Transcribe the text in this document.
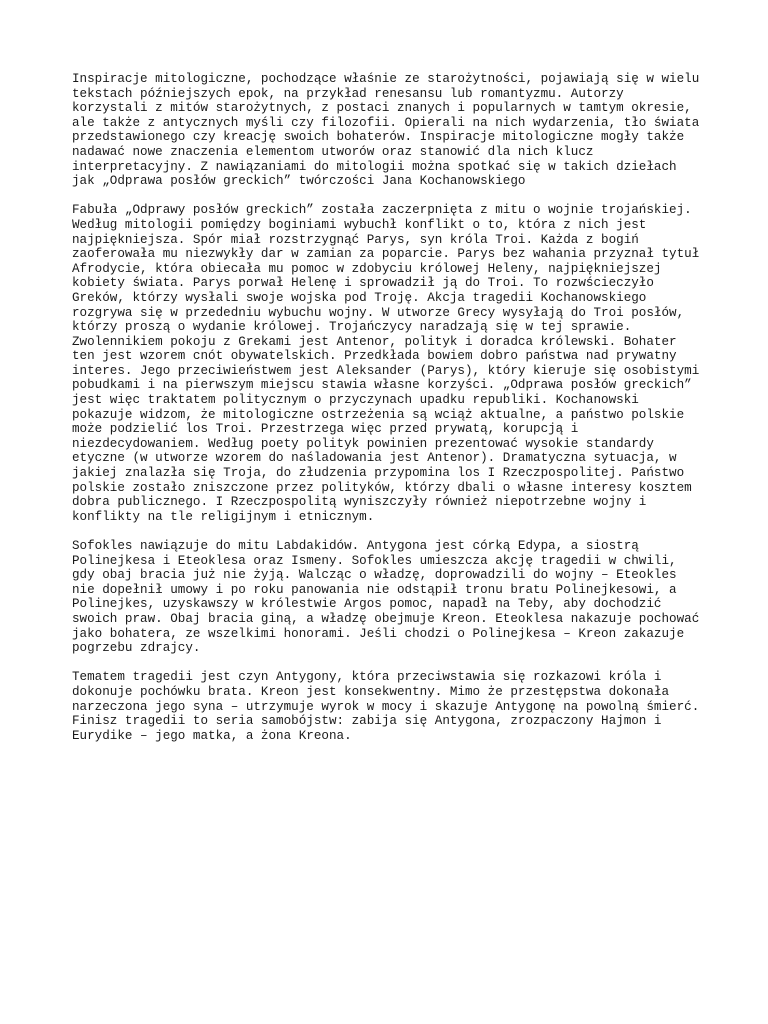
Inspiracje mitologiczne, pochodzące właśnie ze starożytności, pojawiają się w wielu
tekstach późniejszych epok, na przykład renesansu lub romantyzmu. Autorzy
korzystali z mitów starożytnych, z postaci znanych i popularnych w tamtym okresie,
ale także z antycznych myśli czy filozofii. Opierali na nich wydarzenia, tło świata
przedstawionego czy kreację swoich bohaterów. Inspiracje mitologiczne mogły także
nadawać nowe znaczenia elementom utworów oraz stanowić dla nich klucz
interpretacyjny. Z nawiązaniami do mitologii można spotkać się w takich dziełach
jak „Odprawa posłów greckich” twórczości Jana Kochanowskiego
Fabuła „Odprawy posłów greckich” została zaczerpnięta z mitu o wojnie trojańskiej.
Według mitologii pomiędzy boginiami wybuchł konflikt o to, która z nich jest
najpiękniejsza. Spór miał rozstrzygnąć Parys, syn króla Troi. Każda z bogiń
zaoferowała mu niezwykły dar w zamian za poparcie. Parys bez wahania przyznał tytuł
Afrodycie, która obiecała mu pomoc w zdobyciu królowej Heleny, najpiękniejszej
kobiety świata. Parys porwał Helenę i sprowadził ją do Troi. To rozwścieczyło
Greków, którzy wysłali swoje wojska pod Troję. Akcja tragedii Kochanowskiego
rozgrywa się w przededniu wybuchu wojny. W utworze Grecy wysyłają do Troi posłów,
którzy proszą o wydanie królowej. Trojańczycy naradzają się w tej sprawie.
Zwolennikiem pokoju z Grekami jest Antenor, polityk i doradca królewski. Bohater
ten jest wzorem cnót obywatelskich. Przedkłada bowiem dobro państwa nad prywatny
interes. Jego przeciwieństwem jest Aleksander (Parys), który kieruje się osobistymi
pobudkami i na pierwszym miejscu stawia własne korzyści. „Odprawa posłów greckich”
jest więc traktatem politycznym o przyczynach upadku republiki. Kochanowski
pokazuje widzom, że mitologiczne ostrzeżenia są wciąż aktualne, a państwo polskie
może podzielić los Troi. Przestrzega więc przed prywatą, korupcją i
niezdecydowaniem. Według poety polityk powinien prezentować wysokie standardy
etyczne (w utworze wzorem do naśladowania jest Antenor). Dramatyczna sytuacja, w
jakiej znalazła się Troja, do złudzenia przypomina los I Rzeczpospolitej. Państwo
polskie zostało zniszczone przez polityków, którzy dbali o własne interesy kosztem
dobra publicznego. I Rzeczpospolitą wyniszczyły również niepotrzebne wojny i
konflikty na tle religijnym i etnicznym.
Sofokles nawiązuje do mitu Labdakidów. Antygona jest córką Edypa, a siostrą
Polinejkesa i Eteoklesa oraz Ismeny. Sofokles umieszcza akcję tragedii w chwili,
gdy obaj bracia już nie żyją. Walcząc o władzę, doprowadzili do wojny – Eteokles
nie dopełnił umowy i po roku panowania nie odstąpił tronu bratu Polinejkesowi, a
Polinejkes, uzyskawszy w królestwie Argos pomoc, napadł na Teby, aby dochodzić
swoich praw. Obaj bracia giną, a władzę obejmuje Kreon. Eteoklesa nakazuje pochować
jako bohatera, ze wszelkimi honorami. Jeśli chodzi o Polinejkesa – Kreon zakazuje
pogrzebu zdrajcy.
Tematem tragedii jest czyn Antygony, która przeciwstawia się rozkazowi króla i
dokonuje pochówku brata. Kreon jest konsekwentny. Mimo że przestępstwa dokonała
narzeczona jego syna – utrzymuje wyrok w mocy i skazuje Antygonę na powolną śmierć.
Finisz tragedii to seria samobójstw: zabija się Antygona, zrozpaczony Hajmon i
Eurydike – jego matka, a żona Kreona.
